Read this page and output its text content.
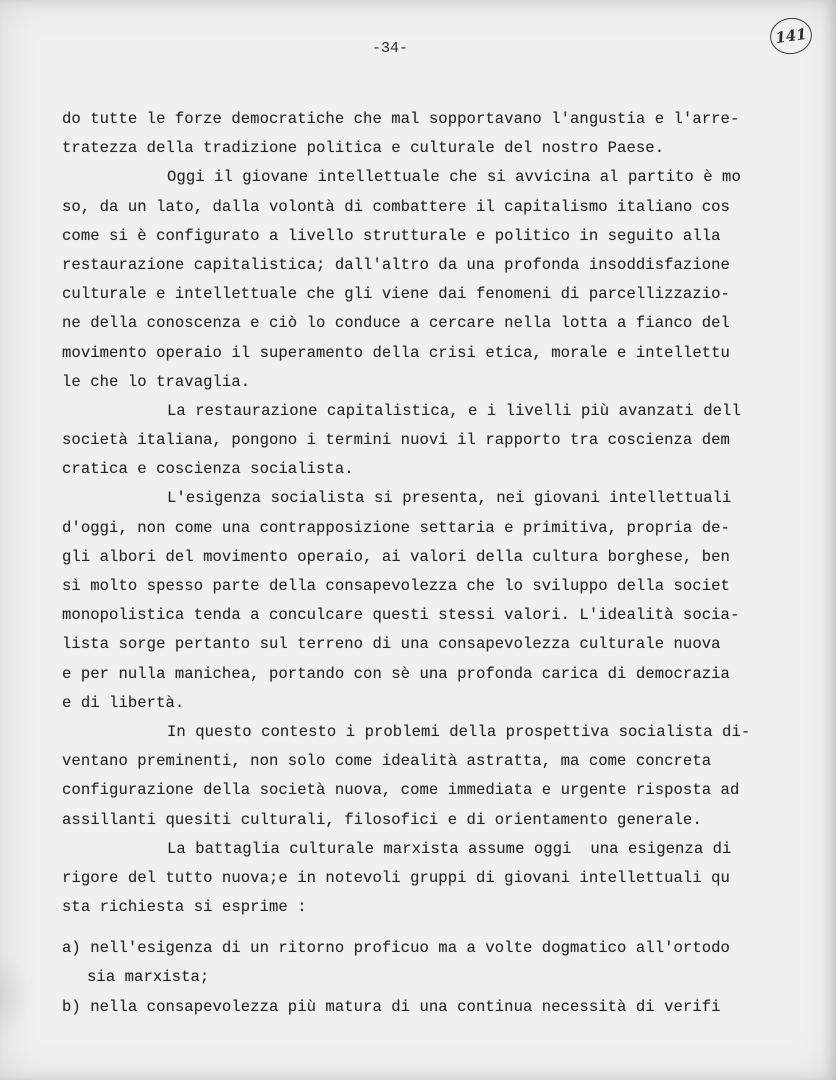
-34-
141
do tutte le forze democratiche che mal sopportavano l'angustia e l'arre-
tratezza della tradizione politica e culturale del nostro Paese.
Oggi il giovane intellettuale che si avvicina al partito è mo
so, da un lato, dalla volontà di combattere il capitalismo italiano cos
come si è configurato a livello strutturale e politico in seguito alla
restaurazione capitalistica; dall'altro da una profonda insoddisfazione
culturale e intellettuale che gli viene dai fenomeni di parcellizzazio-
ne della conoscenza e ciò lo conduce a cercare nella lotta a fianco del
movimento operaio il superamento della crisi etica, morale e intellettu
le che lo travaglia.
La restaurazione capitalistica, e i livelli più avanzati dell
società italiana, pongono i termini nuovi il rapporto tra coscienza dem
cratica e coscienza socialista.
L'esigenza socialista si presenta, nei giovani intellettuali
d'oggi, non come una contrapposizione settaria e primitiva, propria de-
gli albori del movimento operaio, ai valori della cultura borghese, ben
sì molto spesso parte della consapevolezza che lo sviluppo della societ
monopolistica tenda a conculcare questi stessi valori. L'idealità socia-
lista sorge pertanto sul terreno di una consapevolezza culturale nuova
e per nulla manichea, portando con sè una profonda carica di democrazia
e di libertà.
In questo contesto i problemi della prospettiva socialista di-
ventano preminenti, non solo come idealità astratta, ma come concreta
configurazione della società nuova, come immediata e urgente risposta ad
assillanti quesiti culturali, filosofici e di orientamento generale.
La battaglia culturale marxista assume oggi  una esigenza di
rigore del tutto nuova;e in notevoli gruppi di giovani intellettuali qu
sta richiesta si esprime :
a) nell'esigenza di un ritorno proficuo ma a volte dogmatico all'ortodo
sia marxista;
b) nella consapevolezza più matura di una continua necessità di verifi
